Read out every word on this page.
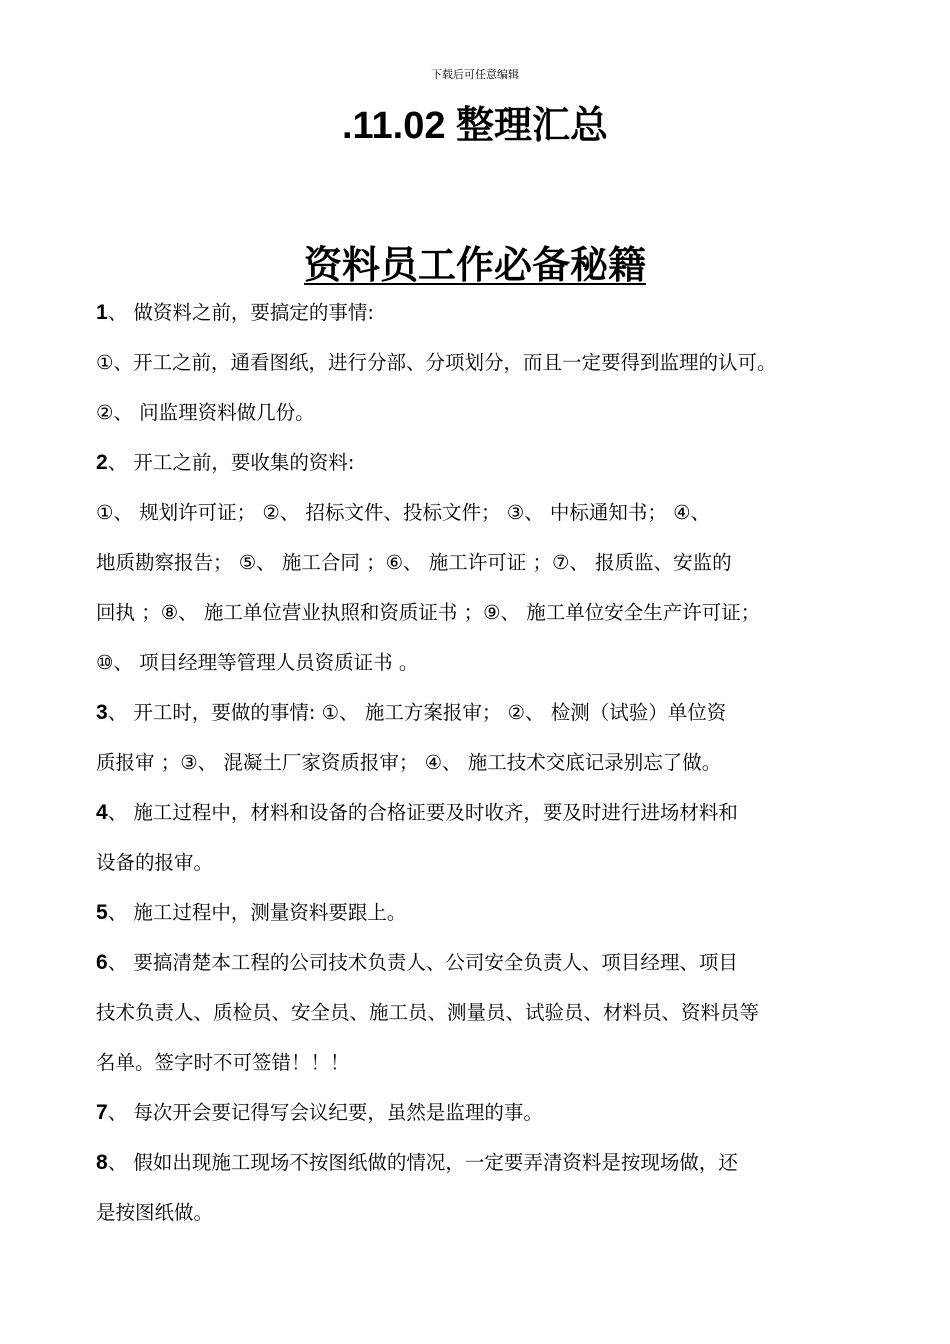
下载后可任意编辑
.11.02 整理汇总
资料员工作必备秘籍
1、 做资料之前，要搞定的事情:
①、开工之前，通看图纸，进行分部、分项划分，而且一定要得到监理的认可。
②、 问监理资料做几份。
2、 开工之前，要收集的资料:
①、 规划许可证； ②、 招标文件、投标文件； ③、 中标通知书； ④、
地质勘察报告； ⑤、 施工合同 ；⑥、 施工许可证 ；⑦、 报质监、安监的
回执 ；⑧、 施工单位营业执照和资质证书 ；⑨、 施工单位安全生产许可证；
⑩、 项目经理等管理人员资质证书 。
3、 开工时，要做的事情: ①、 施工方案报审； ②、 检测（试验）单位资
质报审 ；③、 混凝土厂家资质报审； ④、 施工技术交底记录别忘了做。
4、 施工过程中，材料和设备的合格证要及时收齐，要及时进行进场材料和
设备的报审。
5、 施工过程中，测量资料要跟上。
6、 要搞清楚本工程的公司技术负责人、公司安全负责人、项目经理、项目
技术负责人、质检员、安全员、施工员、测量员、试验员、材料员、资料员等
名单。签字时不可签错！！！
7、 每次开会要记得写会议纪要，虽然是监理的事。
8、 假如出现施工现场不按图纸做的情况，一定要弄清资料是按现场做，还
是按图纸做。
